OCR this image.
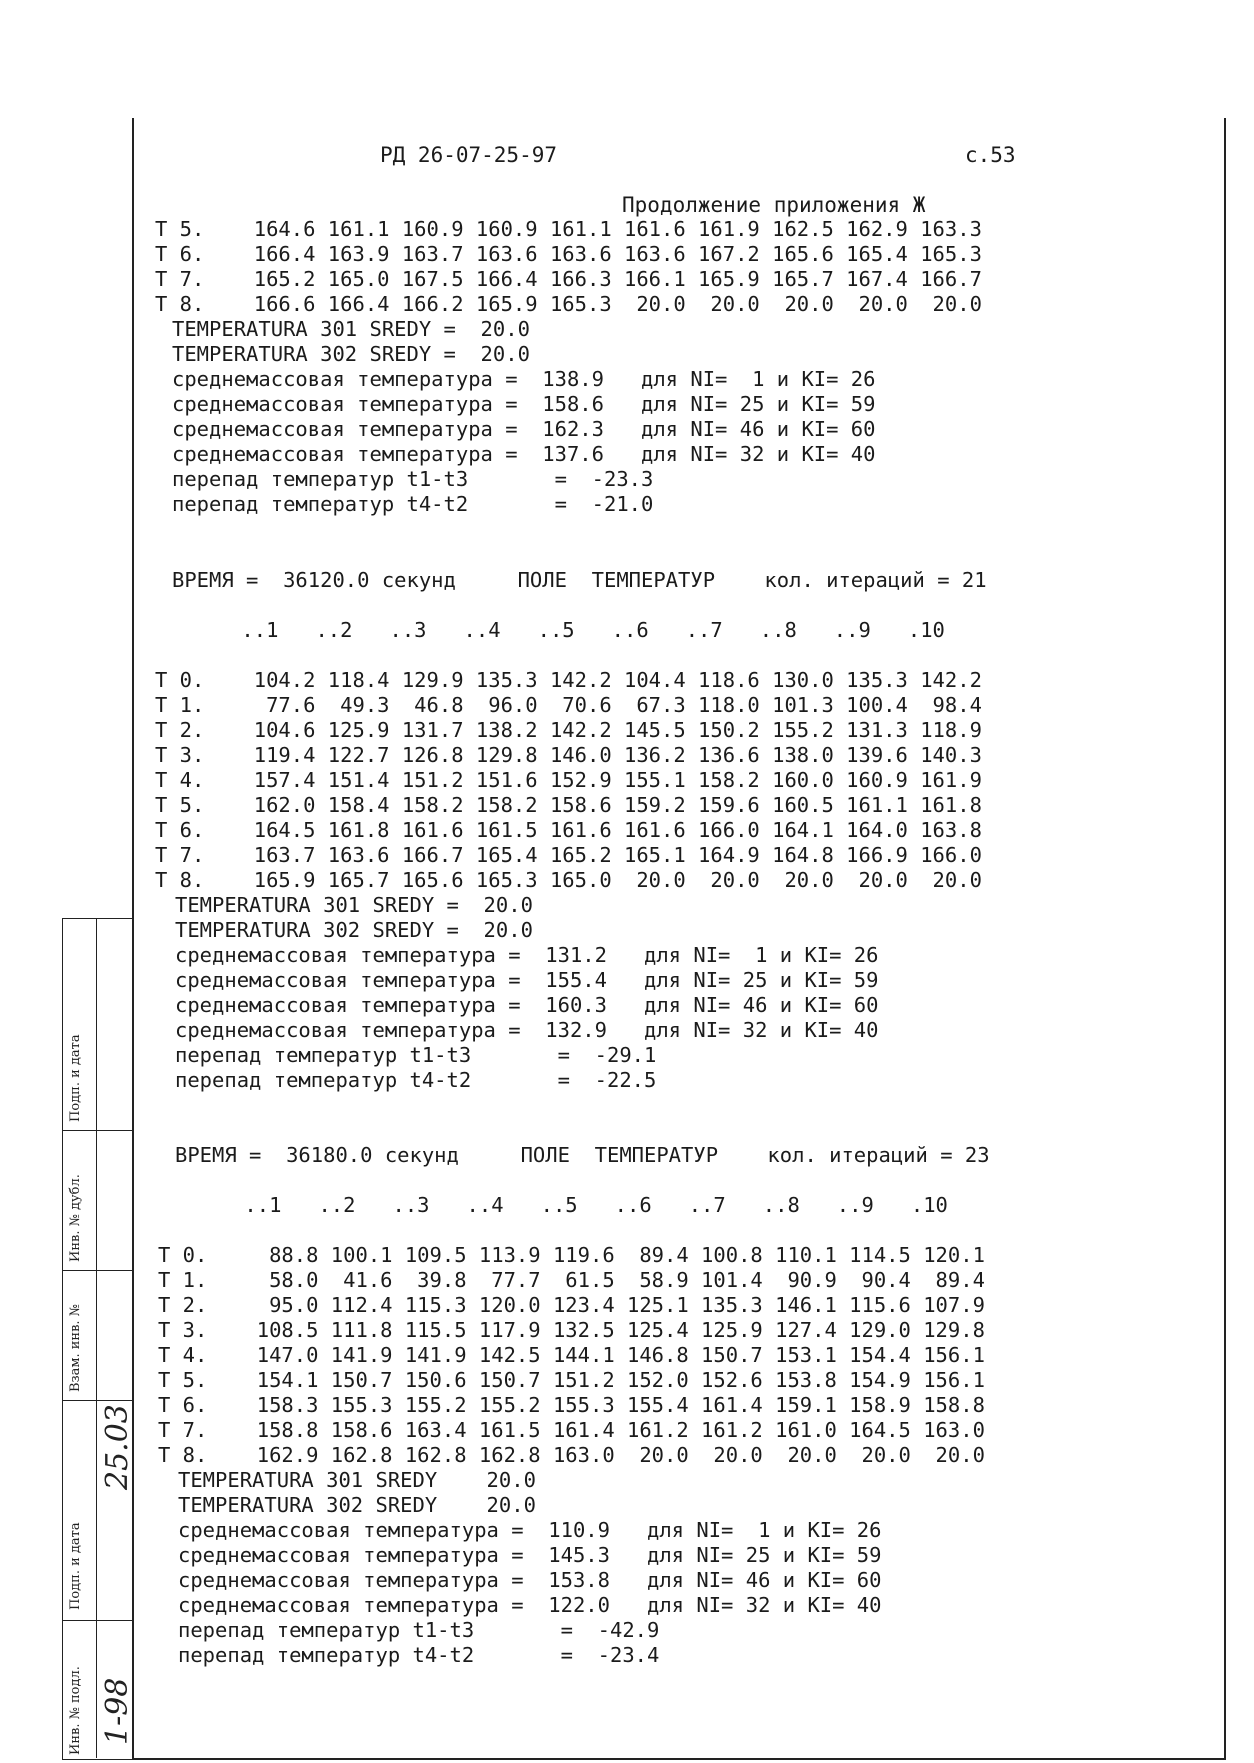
РД 26-07-25-97	с.53
Продолжение приложения Ж
Т 5.    164.6 161.1 160.9 160.9 161.1 161.6 161.9 162.5 162.9 163.3
Т 6.    166.4 163.9 163.7 163.6 163.6 163.6 167.2 165.6 165.4 165.3
Т 7.    165.2 165.0 167.5 166.4 166.3 166.1 165.9 165.7 167.4 166.7
Т 8.    166.6 166.4 166.2 165.9 165.3  20.0  20.0  20.0  20.0  20.0
TEMPERATURA 301 SREDY =  20.0
TEMPERATURA 302 SREDY =  20.0
среднемассовая температура =  138.9   для NI=  1 и KI= 26
среднемассовая температура =  158.6   для NI= 25 и KI= 59
среднемассовая температура =  162.3   для NI= 46 и KI= 60
среднемассовая температура =  137.6   для NI= 32 и KI= 40
перепад температур t1-t3       =  -23.3
перепад температур t4-t2       =  -21.0
ВРЕМЯ =  36120.0 секунд     ПОЛЕ  ТЕМПЕРАТУР    кол. итераций = 21
..1   ..2   ..3   ..4   ..5   ..6   ..7   ..8   ..9   .10
Т 0.    104.2 118.4 129.9 135.3 142.2 104.4 118.6 130.0 135.3 142.2
Т 1.     77.6  49.3  46.8  96.0  70.6  67.3 118.0 101.3 100.4  98.4
Т 2.    104.6 125.9 131.7 138.2 142.2 145.5 150.2 155.2 131.3 118.9
Т 3.    119.4 122.7 126.8 129.8 146.0 136.2 136.6 138.0 139.6 140.3
Т 4.    157.4 151.4 151.2 151.6 152.9 155.1 158.2 160.0 160.9 161.9
Т 5.    162.0 158.4 158.2 158.2 158.6 159.2 159.6 160.5 161.1 161.8
Т 6.    164.5 161.8 161.6 161.5 161.6 161.6 166.0 164.1 164.0 163.8
Т 7.    163.7 163.6 166.7 165.4 165.2 165.1 164.9 164.8 166.9 166.0
Т 8.    165.9 165.7 165.6 165.3 165.0  20.0  20.0  20.0  20.0  20.0
TEMPERATURA 301 SREDY =  20.0
TEMPERATURA 302 SREDY =  20.0
среднемассовая температура =  131.2   для NI=  1 и KI= 26
среднемассовая температура =  155.4   для NI= 25 и KI= 59
среднемассовая температура =  160.3   для NI= 46 и KI= 60
среднемассовая температура =  132.9   для NI= 32 и KI= 40
перепад температур t1-t3       =  -29.1
перепад температур t4-t2       =  -22.5
ВРЕМЯ =  36180.0 секунд     ПОЛЕ  ТЕМПЕРАТУР    кол. итераций = 23
..1   ..2   ..3   ..4   ..5   ..6   ..7   ..8   ..9   .10
Т 0.     88.8 100.1 109.5 113.9 119.6  89.4 100.8 110.1 114.5 120.1
Т 1.     58.0  41.6  39.8  77.7  61.5  58.9 101.4  90.9  90.4  89.4
Т 2.     95.0 112.4 115.3 120.0 123.4 125.1 135.3 146.1 115.6 107.9
Т 3.    108.5 111.8 115.5 117.9 132.5 125.4 125.9 127.4 129.0 129.8
Т 4.    147.0 141.9 141.9 142.5 144.1 146.8 150.7 153.1 154.4 156.1
Т 5.    154.1 150.7 150.6 150.7 151.2 152.0 152.6 153.8 154.9 156.1
Т 6.    158.3 155.3 155.2 155.2 155.3 155.4 161.4 159.1 158.9 158.8
Т 7.    158.8 158.6 163.4 161.5 161.4 161.2 161.2 161.0 164.5 163.0
Т 8.    162.9 162.8 162.8 162.8 163.0  20.0  20.0  20.0  20.0  20.0
TEMPERATURA 301 SREDY    20.0
TEMPERATURA 302 SREDY    20.0
среднемассовая температура =  110.9   для NI=  1 и KI= 26
среднемассовая температура =  145.3   для NI= 25 и KI= 59
среднемассовая температура =  153.8   для NI= 46 и KI= 60
среднемассовая температура =  122.0   для NI= 32 и KI= 40
перепад температур t1-t3       =  -42.9
перепад температур t4-t2       =  -23.4
Инв. № подл.
Подп. и дата
Взам. инв. №
Инв. № дубл.
Подп. и дата
1-98
25.03
